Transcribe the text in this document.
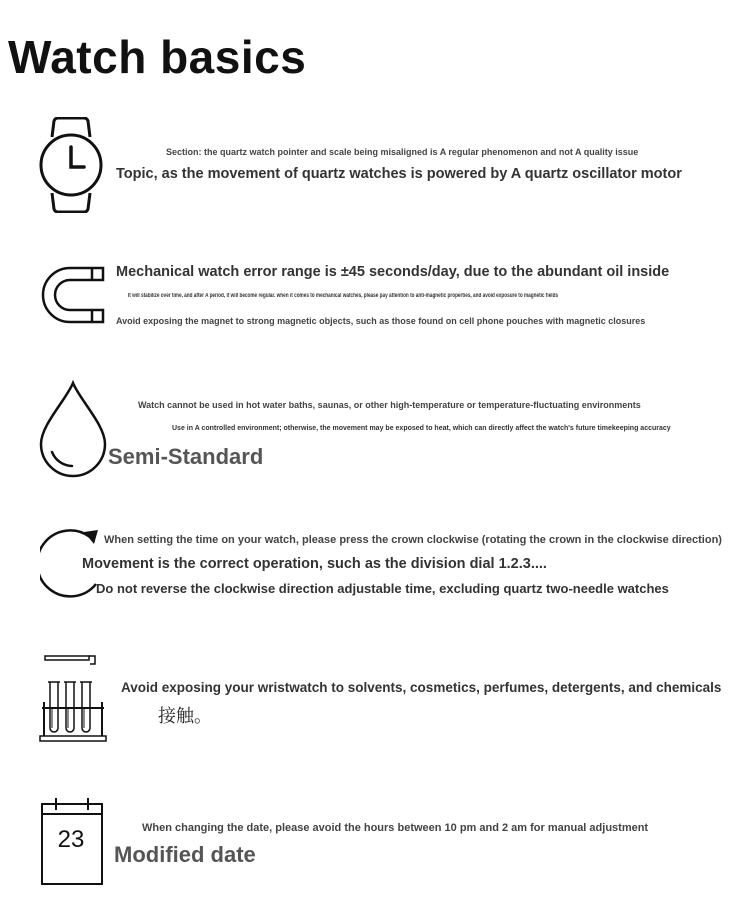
Watch basics
Section: the quartz watch pointer and scale being misaligned is A regular phenomenon and not A quality issue
Topic, as the movement of quartz watches is powered by A quartz oscillator motor
Mechanical watch error range is ±45 seconds/day, due to the abundant oil inside
It will stabilize over time, and after A period, it will become regular. when it comes to mechanical watches, please pay attention to anti-magnetic properties, and avoid exposure to magnetic fields
Avoid exposing the magnet to strong magnetic objects, such as those found on cell phone pouches with magnetic closures
Watch cannot be used in hot water baths, saunas, or other high-temperature or temperature-fluctuating environments
Use in A controlled environment; otherwise, the movement may be exposed to heat, which can directly affect the watch's future timekeeping accuracy
Semi-Standard
When setting the time on your watch, please press the crown clockwise (rotating the crown in the clockwise direction)
Movement is the correct operation, such as the division dial 1.2.3....
Do not reverse the clockwise direction adjustable time, excluding quartz two-needle watches
Avoid exposing your wristwatch to solvents, cosmetics, perfumes, detergents, and chemicals
接触。
23	When changing the date, please avoid the hours between 10 pm and 2 am for manual adjustment
Modified date
